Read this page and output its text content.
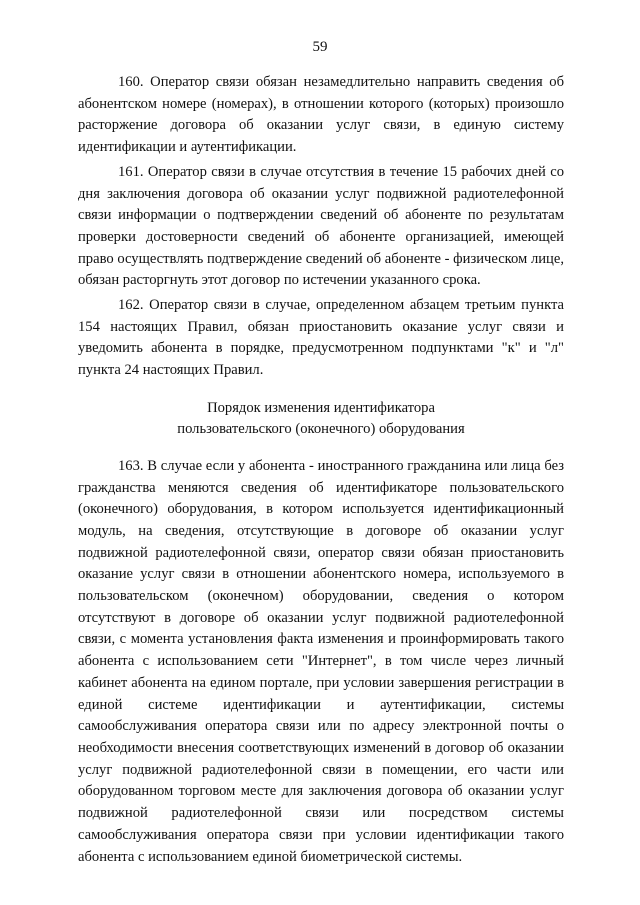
59

160. Оператор связи обязан незамедлительно направить сведения об абонентском номере (номерах), в отношении которого (которых) произошло расторжение договора об оказании услуг связи, в единую систему идентификации и аутентификации.

161. Оператор связи в случае отсутствия в течение 15 рабочих дней со дня заключения договора об оказании услуг подвижной радиотелефонной связи информации о подтверждении сведений об абоненте по результатам проверки достоверности сведений об абоненте организацией, имеющей право осуществлять подтверждение сведений об абоненте - физическом лице, обязан расторгнуть этот договор по истечении указанного срока.

162. Оператор связи в случае, определенном абзацем третьим пункта 154 настоящих Правил, обязан приостановить оказание услуг связи и уведомить абонента в порядке, предусмотренном подпунктами "к" и "л" пункта 24 настоящих Правил.

Порядок изменения идентификатора
пользовательского (оконечного) оборудования

163. В случае если у абонента - иностранного гражданина или лица без гражданства меняются сведения об идентификаторе пользовательского (оконечного) оборудования, в котором используется идентификационный модуль, на сведения, отсутствующие в договоре об оказании услуг подвижной радиотелефонной связи, оператор связи обязан приостановить оказание услуг связи в отношении абонентского номера, используемого в пользовательском (оконечном) оборудовании, сведения о котором отсутствуют в договоре об оказании услуг подвижной радиотелефонной связи, с момента установления факта изменения и проинформировать такого абонента с использованием сети "Интернет", в том числе через личный кабинет абонента на едином портале, при условии завершения регистрации в единой системе идентификации и аутентификации, системы самообслуживания оператора связи или по адресу электронной почты о необходимости внесения соответствующих изменений в договор об оказании услуг подвижной радиотелефонной связи в помещении, его части или оборудованном торговом месте для заключения договора об оказании услуг подвижной радиотелефонной связи или посредством системы самообслуживания оператора связи при условии идентификации такого абонента с использованием единой биометрической системы.
